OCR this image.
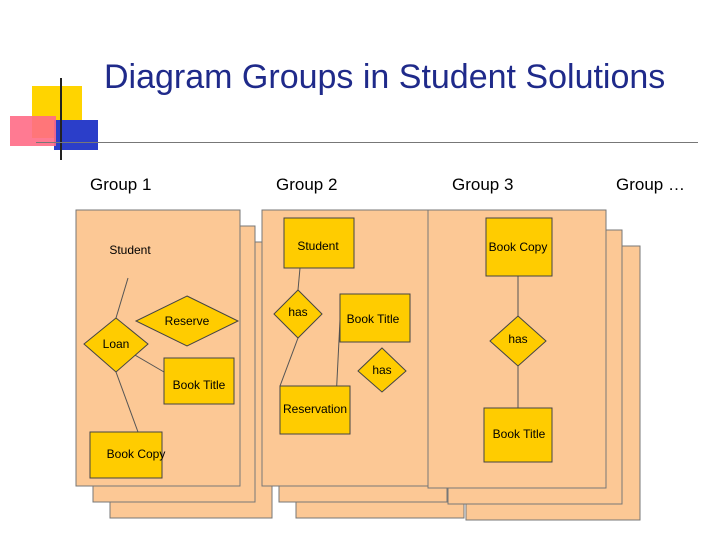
Diagram Groups in Student Solutions
Group 1	Group 2	Group 3	Group …
Reserve
Loan
Student
Book Title
Book Copy
Student
has	Book Title
has
Reservation
Book Copy
has
Book Title
